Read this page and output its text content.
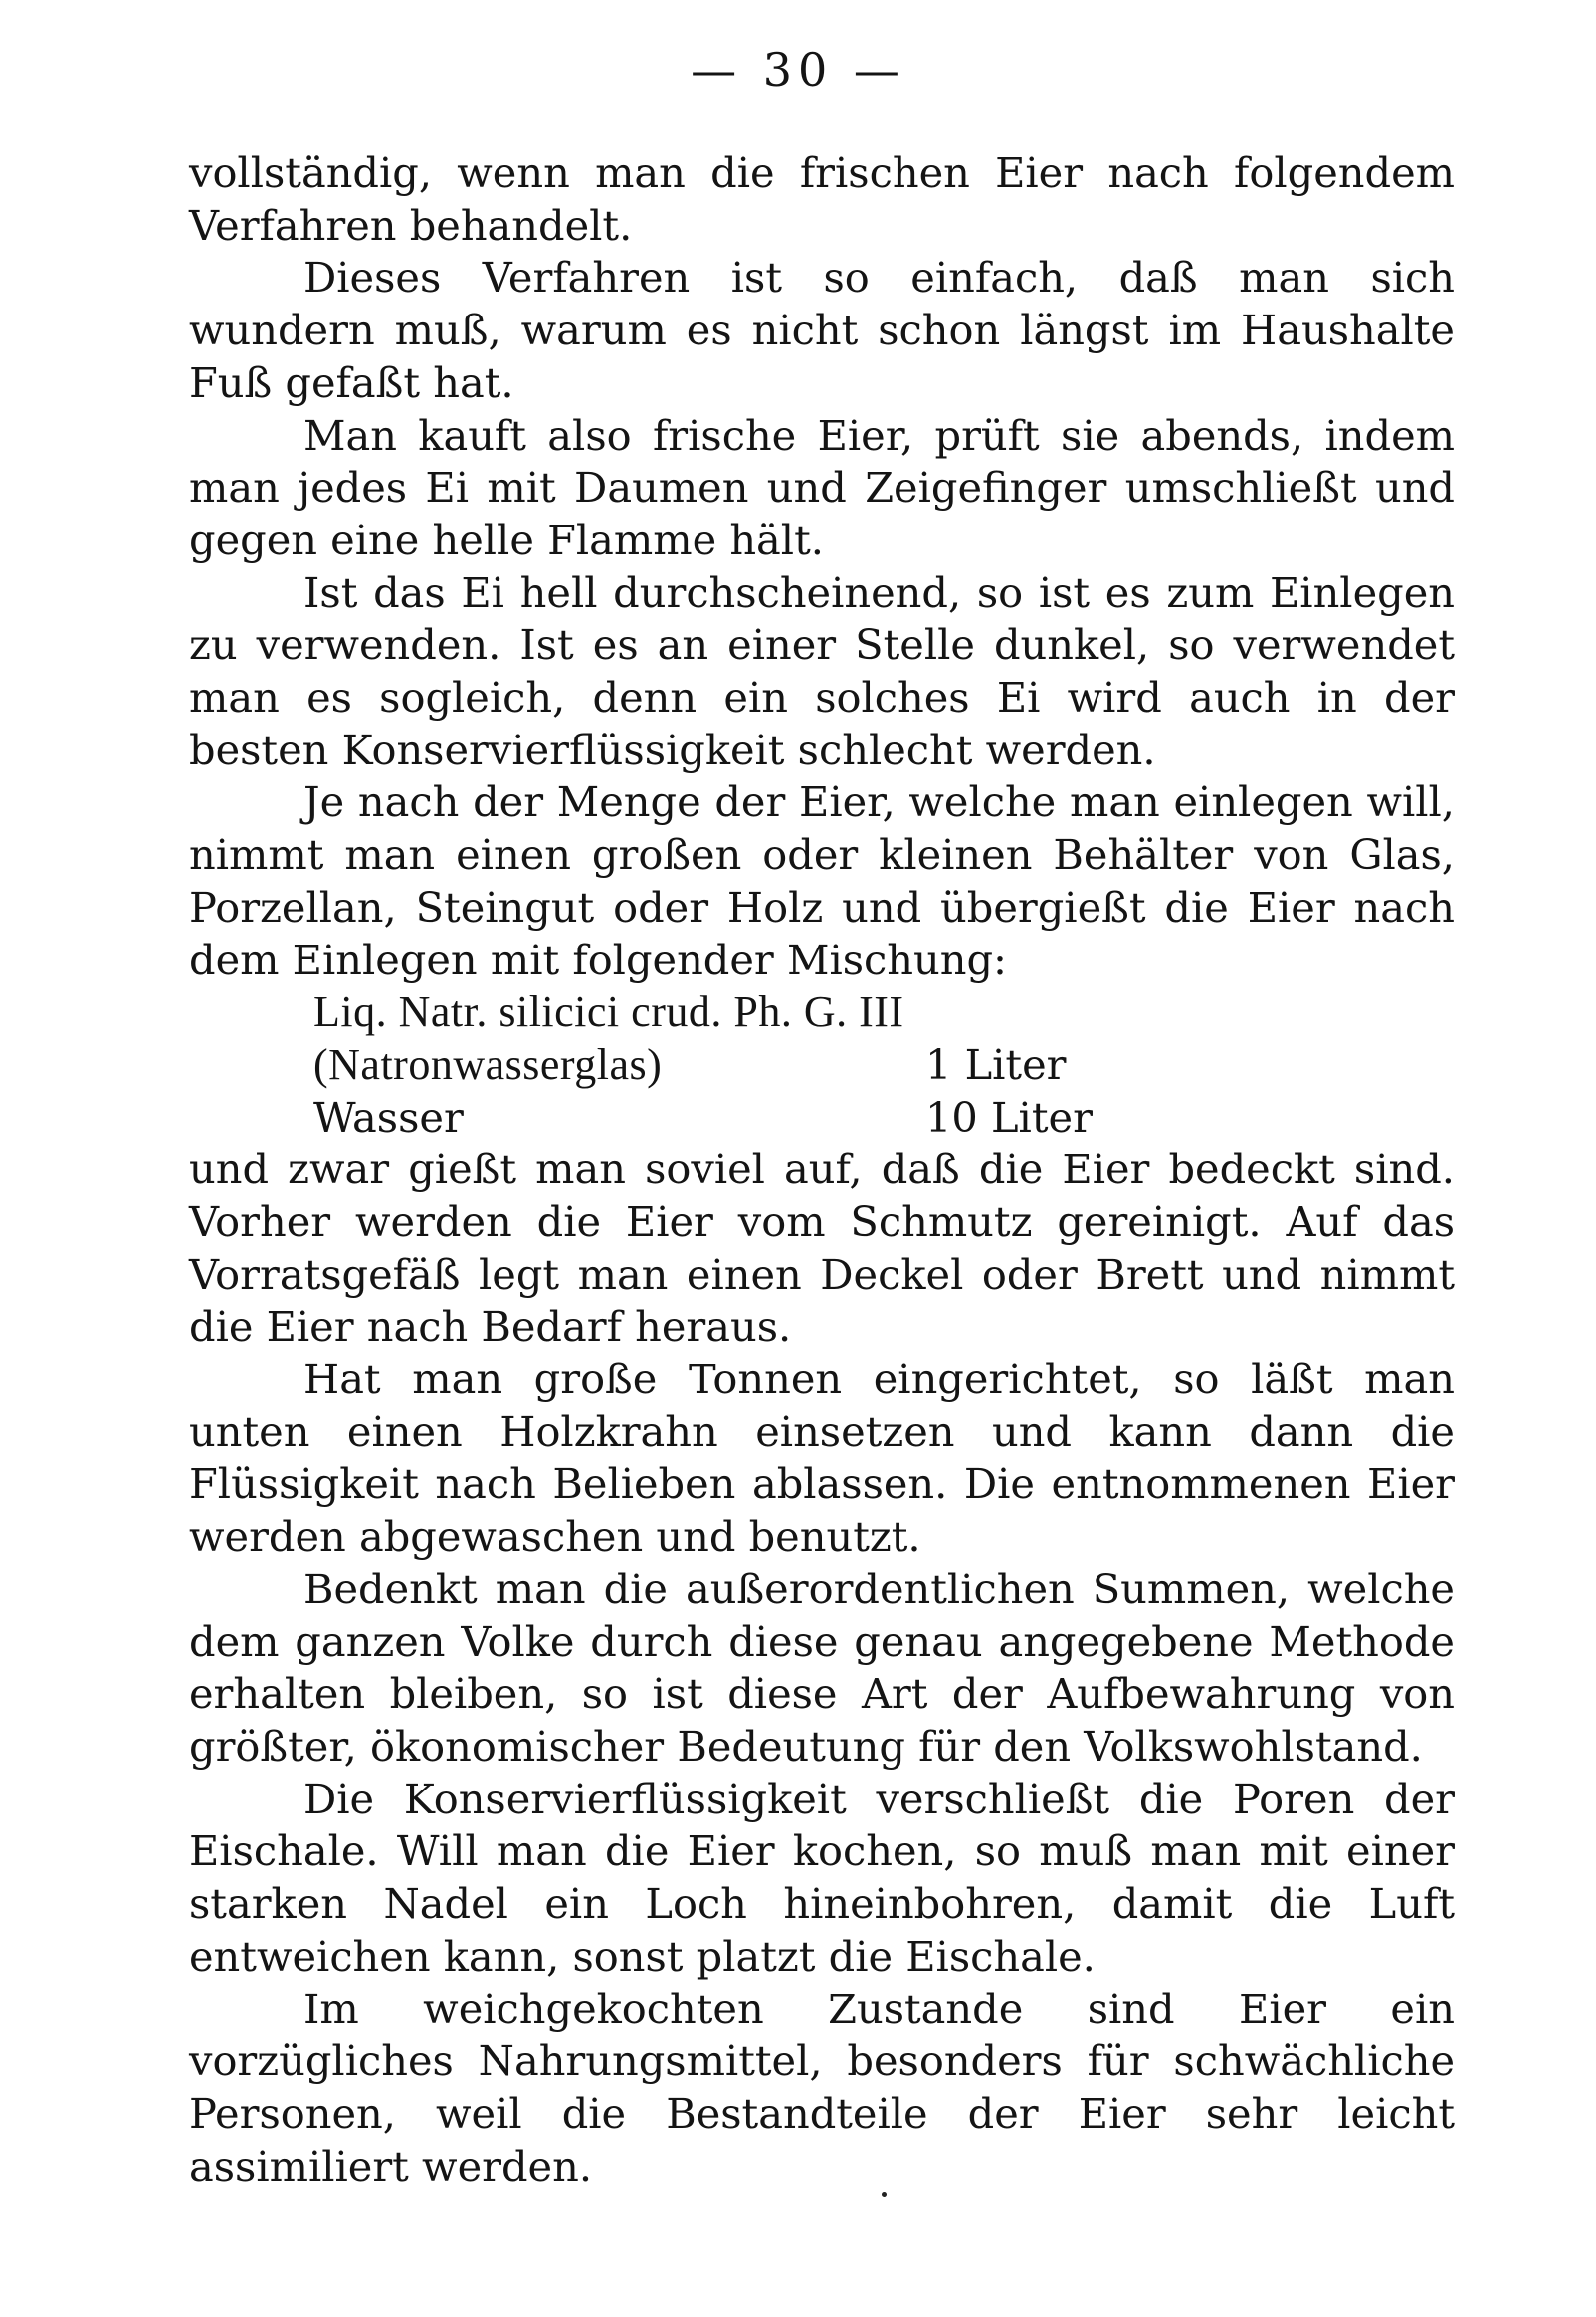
— 30 —

vollständig, wenn man die frischen Eier nach folgendem Verfahren behandelt.

Dieses Verfahren ist so einfach, daß man sich wundern muß, warum es nicht schon längst im Haushalte Fuß gefaßt hat.

Man kauft also frische Eier, prüft sie abends, indem man jedes Ei mit Daumen und Zeigefinger umschließt und gegen eine helle Flamme hält.

Ist das Ei hell durchscheinend, so ist es zum Einlegen zu verwenden. Ist es an einer Stelle dunkel, so verwendet man es sogleich, denn ein solches Ei wird auch in der besten Konservierflüssigkeit schlecht werden.

Je nach der Menge der Eier, welche man einlegen will, nimmt man einen großen oder kleinen Behälter von Glas, Porzellan, Steingut oder Holz und übergießt die Eier nach dem Einlegen mit folgender Mischung:

Liq. Natr. silicici crud. Ph. G. III
(Natronwasserglas)	1 Liter
Wasser	10 Liter

und zwar gießt man soviel auf, daß die Eier bedeckt sind. Vorher werden die Eier vom Schmutz gereinigt. Auf das Vorratsgefäß legt man einen Deckel oder Brett und nimmt die Eier nach Bedarf heraus.

Hat man große Tonnen eingerichtet, so läßt man unten einen Holzkrahn einsetzen und kann dann die Flüssigkeit nach Belieben ablassen. Die entnommenen Eier werden abgewaschen und benutzt.

Bedenkt man die außerordentlichen Summen, welche dem ganzen Volke durch diese genau angegebene Methode erhalten bleiben, so ist diese Art der Aufbewahrung von größter, ökonomischer Bedeutung für den Volkswohlstand.

Die Konservierflüssigkeit verschließt die Poren der Eischale. Will man die Eier kochen, so muß man mit einer starken Nadel ein Loch hineinbohren, damit die Luft entweichen kann, sonst platzt die Eischale.

Im weichgekochten Zustande sind Eier ein vorzügliches Nahrungsmittel, besonders für schwächliche Personen, weil die Bestandteile der Eier sehr leicht assimiliert werden.
